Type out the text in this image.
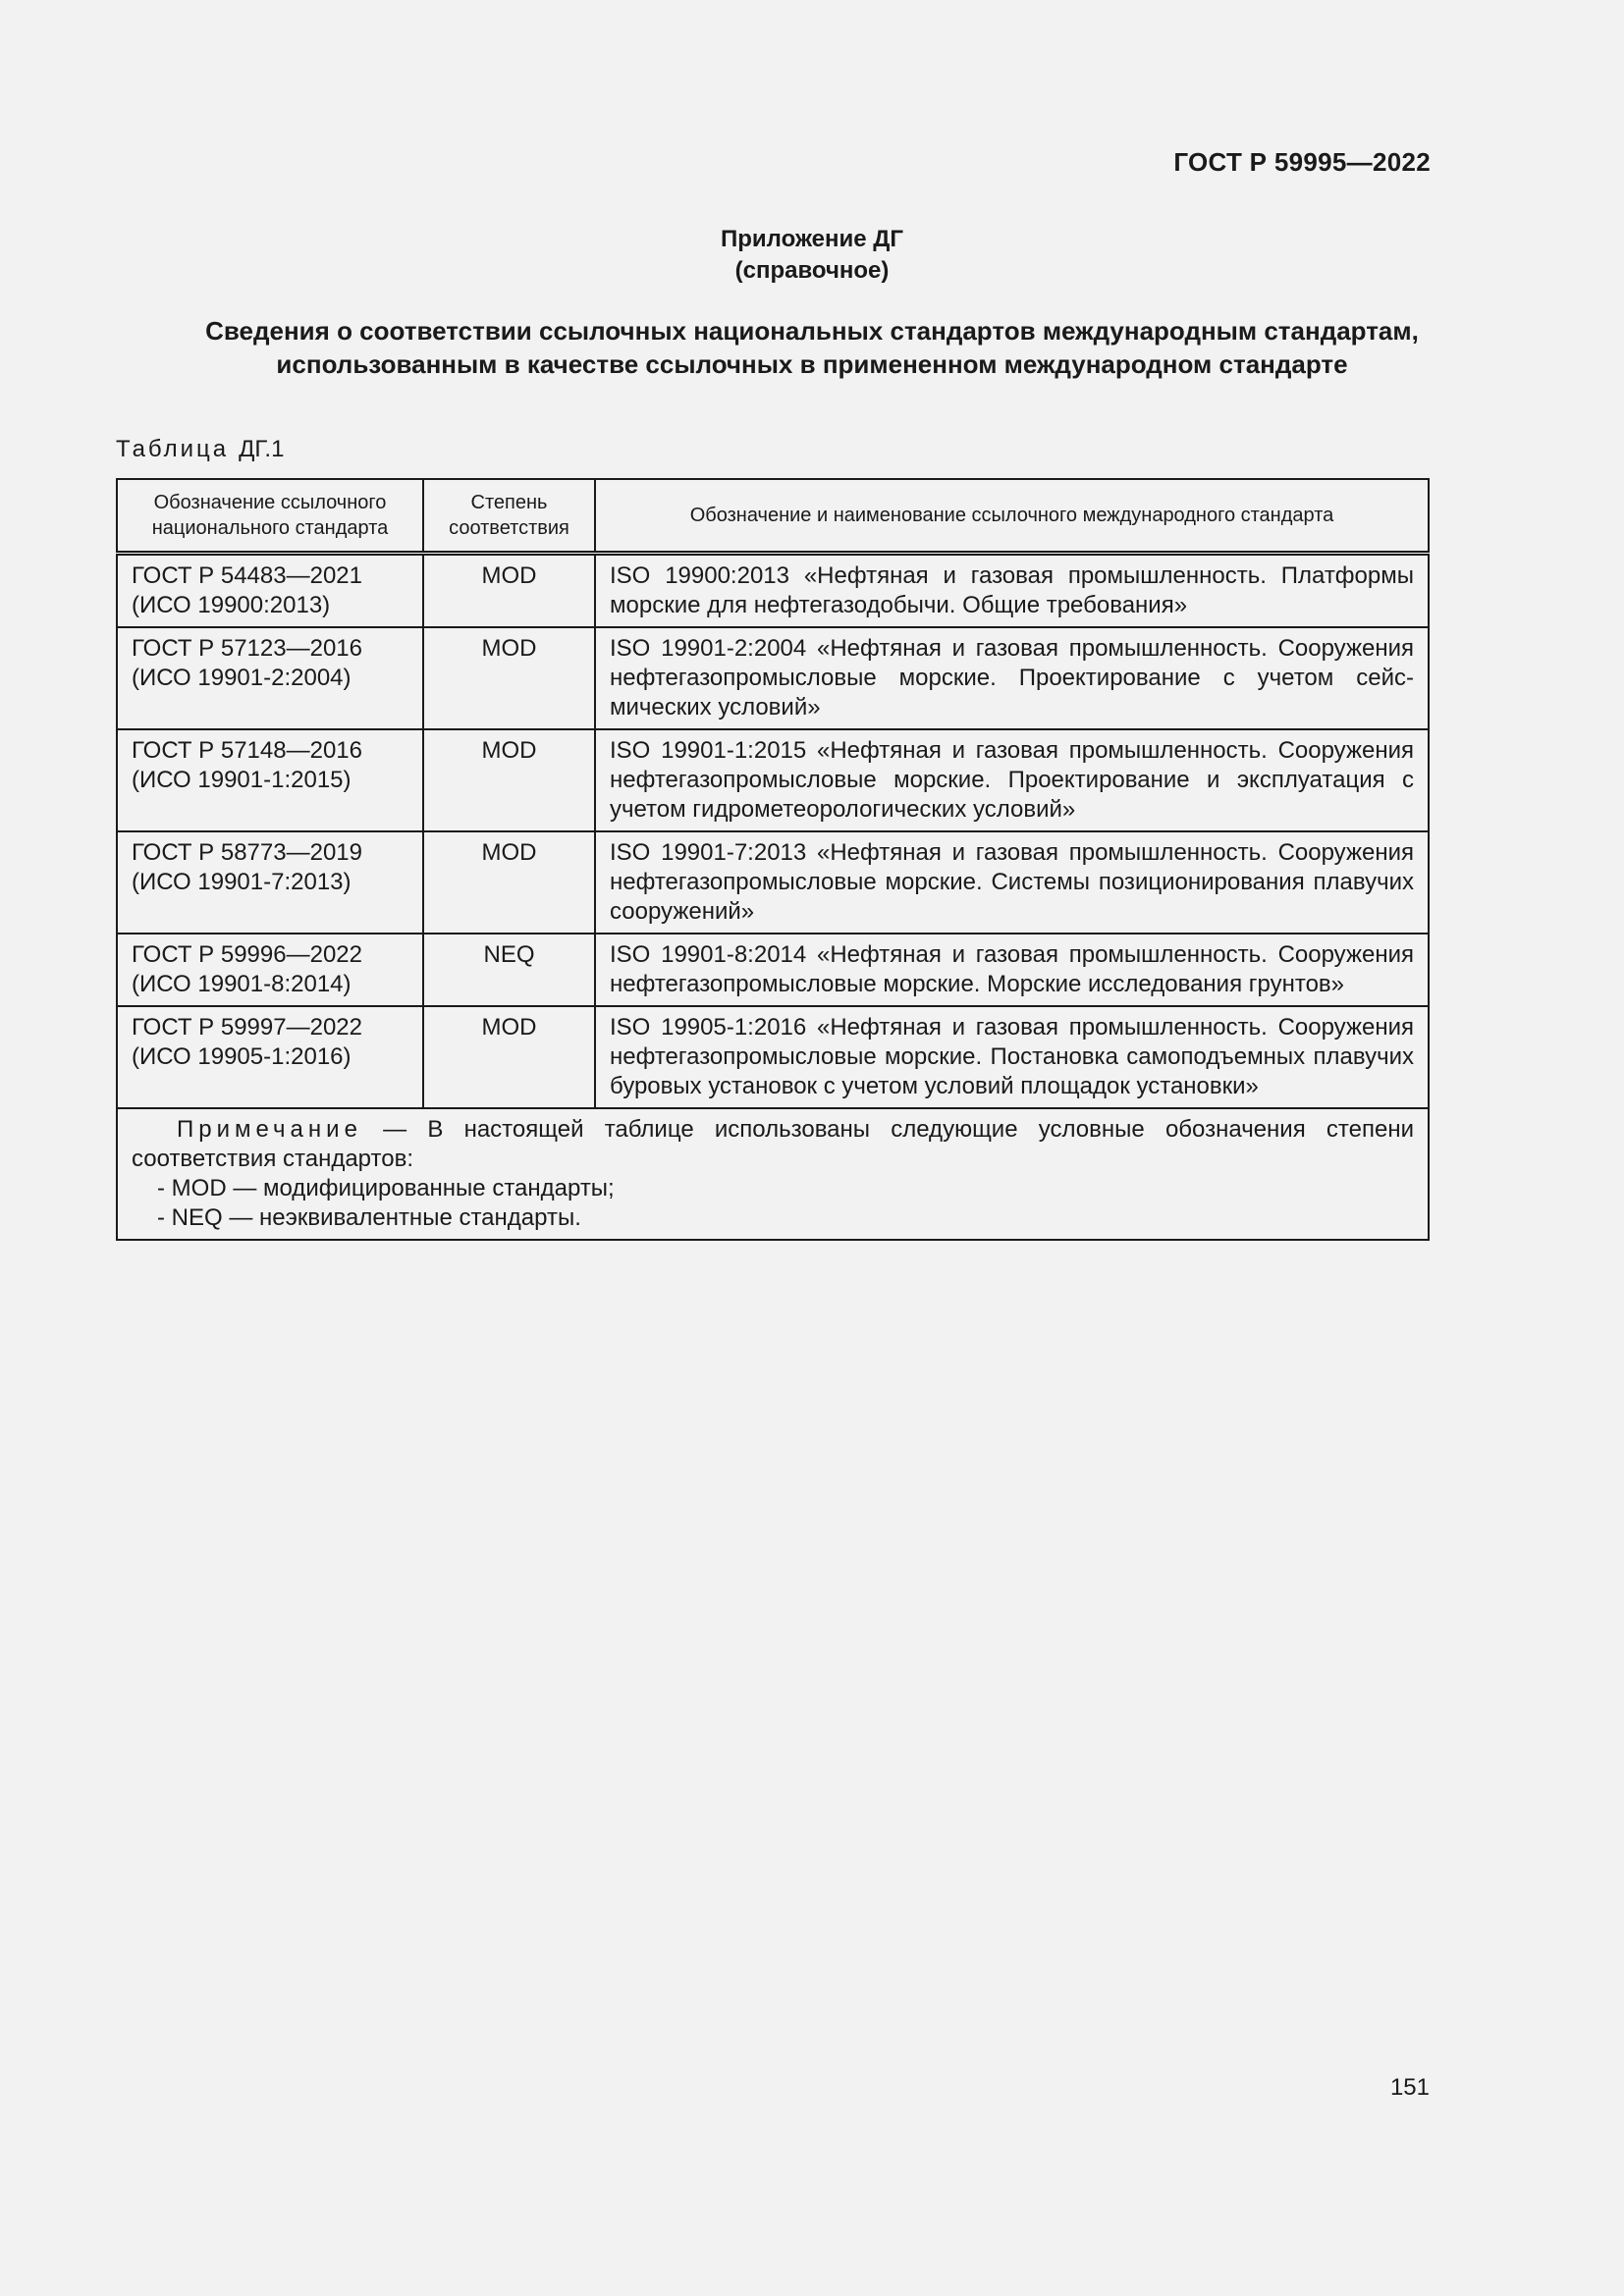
ГОСТ Р 59995—2022
Приложение ДГ
(справочное)
Сведения о соответствии ссылочных национальных стандартов международным стандартам,
использованным в качестве ссылочных в примененном международном стандарте
Таблица ДГ.1
Обозначение ссылочного национального стандарта	Степень соответствия	Обозначение и наименование ссылочного международного стандарта

ГОСТ Р 54483—2021
(ИСО 19900:2013)	MOD	ISO 19900:2013 «Нефтяная и газовая промышленность. Платформы морские для нефтегазодобычи. Общие требования»

ГОСТ Р 57123—2016
(ИСО 19901-2:2004)	MOD	ISO 19901-2:2004 «Нефтяная и газовая промышленность. Сооружения нефтегазопромысловые морские. Проектирование с учетом сейсмических условий»

ГОСТ Р 57148—2016
(ИСО 19901-1:2015)	MOD	ISO 19901-1:2015 «Нефтяная и газовая промышленность. Сооружения нефтегазопромысловые морские. Проектирование и эксплуатация с учетом гидрометеорологических условий»

ГОСТ Р 58773—2019
(ИСО 19901-7:2013)	MOD	ISO 19901-7:2013 «Нефтяная и газовая промышленность. Сооружения нефтегазопромысловые морские. Системы позиционирования плавучих сооружений»

ГОСТ Р 59996—2022
(ИСО 19901-8:2014)	NEQ	ISO 19901-8:2014 «Нефтяная и газовая промышленность. Сооружения нефтегазопромысловые морские. Морские исследования грунтов»

ГОСТ Р 59997—2022
(ИСО 19905-1:2016)	MOD	ISO 19905-1:2016 «Нефтяная и газовая промышленность. Сооружения нефтегазопромысловые морские. Постановка самоподъемных плавучих буровых установок с учетом условий площадок установки»

Примечание — В настоящей таблице использованы следующие условные обозначения степени соответствия стандартов:
- MOD — модифицированные стандарты;
- NEQ — неэквивалентные стандарты.		
151
